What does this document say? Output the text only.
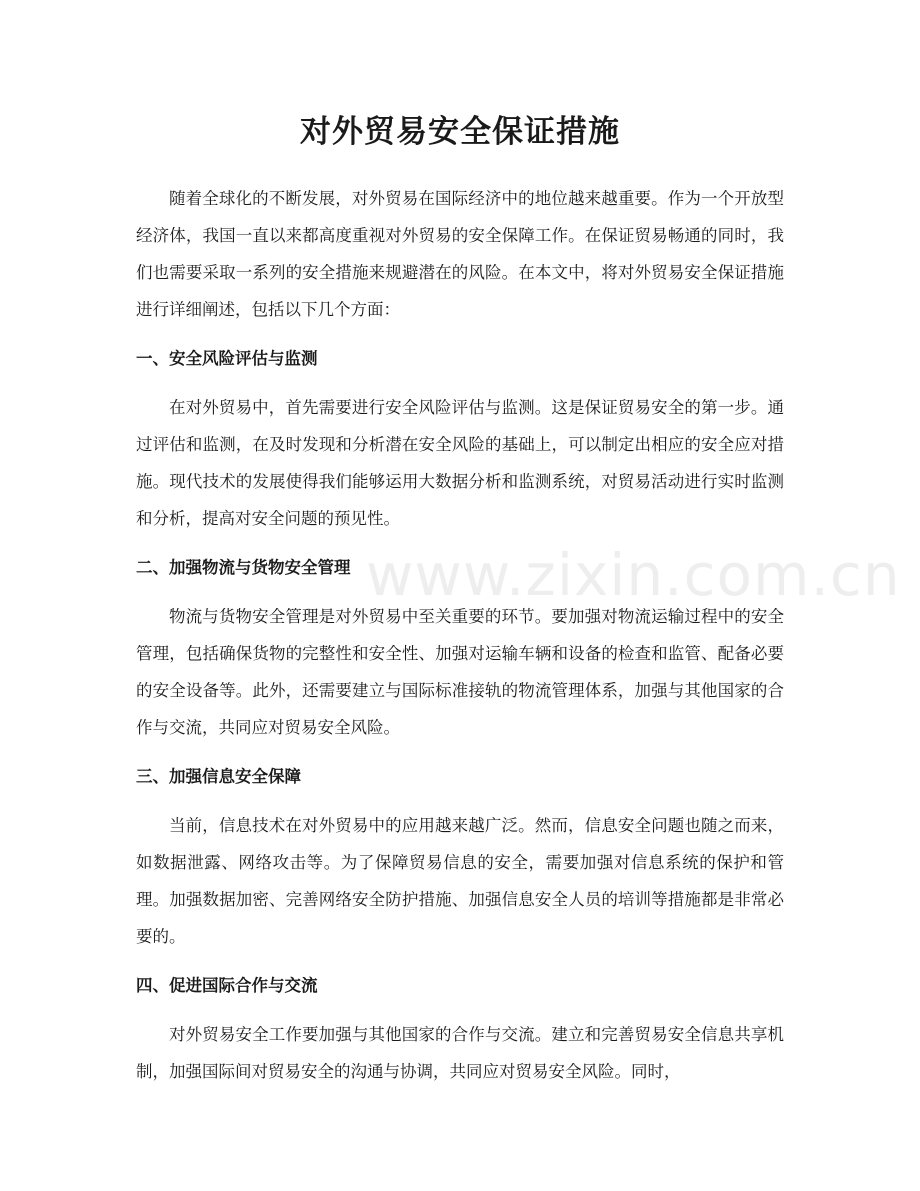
对外贸易安全保证措施

随着全球化的不断发展，对外贸易在国际经济中的地位越来越重要。作为一个开放型经济体，我国一直以来都高度重视对外贸易的安全保障工作。在保证贸易畅通的同时，我们也需要采取一系列的安全措施来规避潜在的风险。在本文中，将对外贸易安全保证措施进行详细阐述，包括以下几个方面：

一、安全风险评估与监测

在对外贸易中，首先需要进行安全风险评估与监测。这是保证贸易安全的第一步。通过评估和监测，在及时发现和分析潜在安全风险的基础上，可以制定出相应的安全应对措施。现代技术的发展使得我们能够运用大数据分析和监测系统，对贸易活动进行实时监测和分析，提高对安全问题的预见性。

二、加强物流与货物安全管理

物流与货物安全管理是对外贸易中至关重要的环节。要加强对物流运输过程中的安全管理，包括确保货物的完整性和安全性、加强对运输车辆和设备的检查和监管、配备必要的安全设备等。此外，还需要建立与国际标准接轨的物流管理体系，加强与其他国家的合作与交流，共同应对贸易安全风险。

三、加强信息安全保障

当前，信息技术在对外贸易中的应用越来越广泛。然而，信息安全问题也随之而来，如数据泄露、网络攻击等。为了保障贸易信息的安全，需要加强对信息系统的保护和管理。加强数据加密、完善网络安全防护措施、加强信息安全人员的培训等措施都是非常必要的。

四、促进国际合作与交流

对外贸易安全工作要加强与其他国家的合作与交流。建立和完善贸易安全信息共享机制，加强国际间对贸易安全的沟通与协调，共同应对贸易安全风险。同时，

www.zixin.com.cn
